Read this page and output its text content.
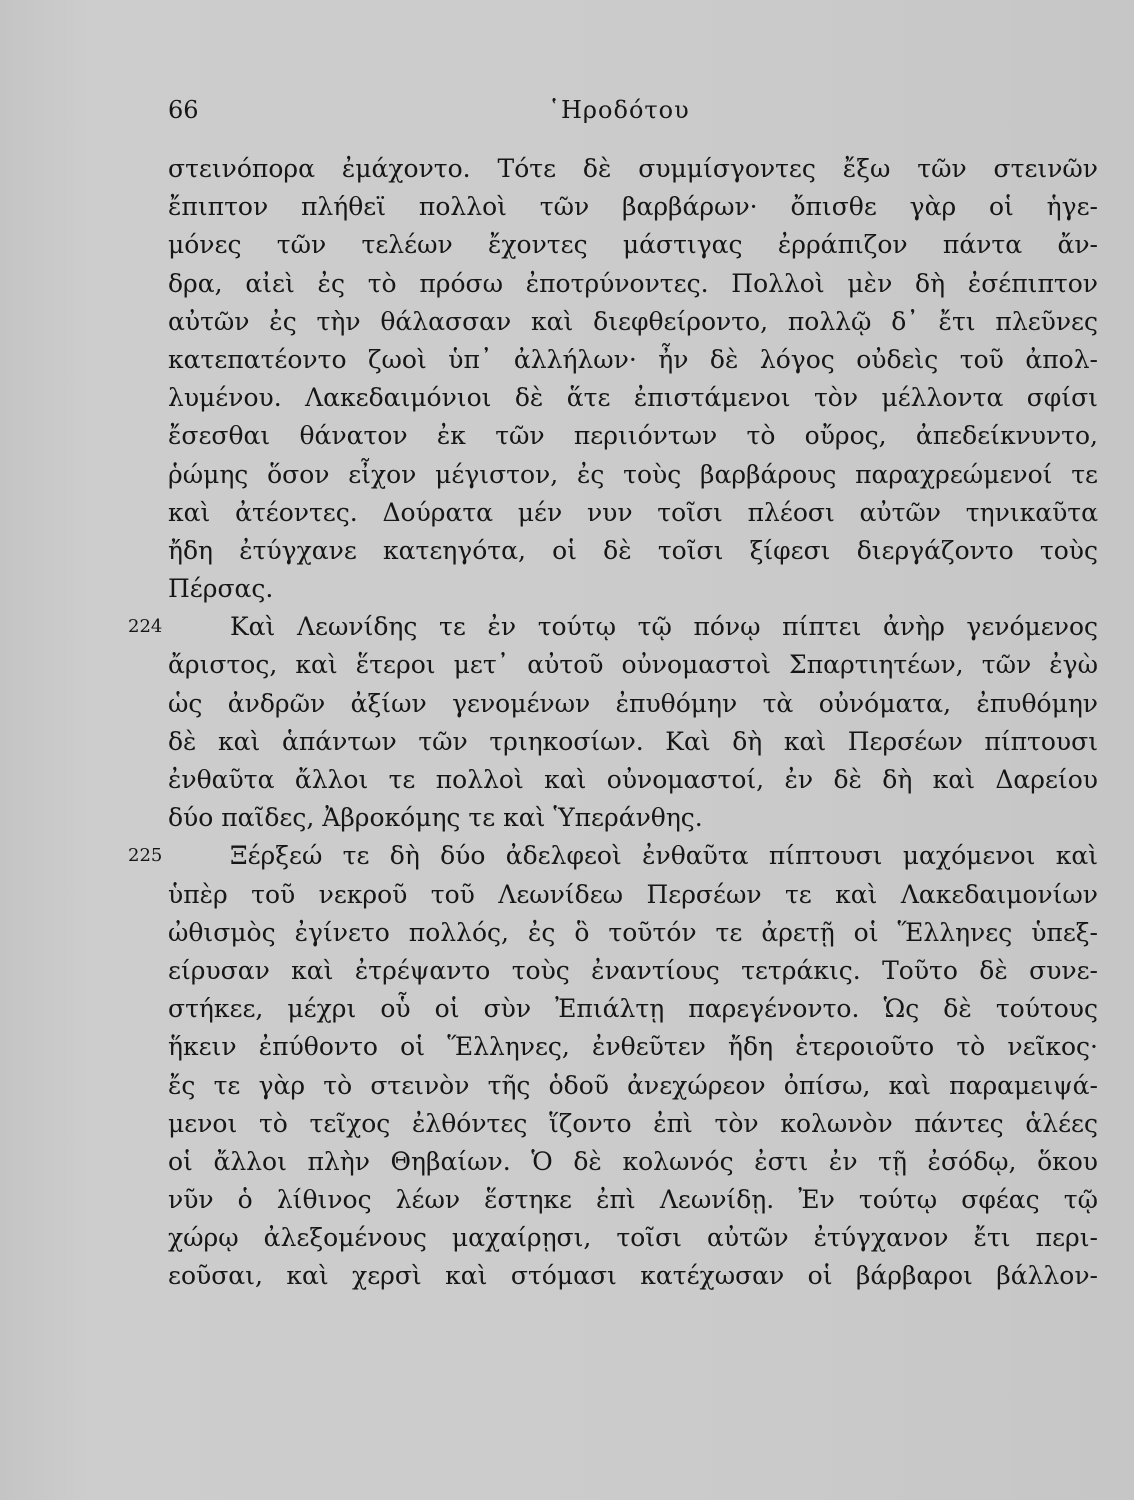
66	῾Ηροδότου
στεινόπορα ἐμάχοντο. Τότε δὲ συμμίσγοντες ἔξω τῶν στεινῶν
ἔπιπτον πλήθεϊ πολλοὶ τῶν βαρβάρων· ὄπισθε γὰρ οἱ ἡγε-
μόνες τῶν τελέων ἔχοντες μάστιγας ἐρράπιζον πάντα ἄν-
δρα, αἰεὶ ἐς τὸ πρόσω ἐποτρύνοντες. Πολλοὶ μὲν δὴ ἐσέπιπτον
αὐτῶν ἐς τὴν θάλασσαν καὶ διεφθείροντο, πολλῷ δ᾽ ἔτι πλεῦνες
κατεπατέοντο ζωοὶ ὑπ᾽ ἀλλήλων· ἦν δὲ λόγος οὐδεὶς τοῦ ἀπολ-
λυμένου. Λακεδαιμόνιοι δὲ ἅτε ἐπιστάμενοι τὸν μέλλοντα σφίσι
ἔσεσθαι θάνατον ἐκ τῶν περιιόντων τὸ οὔρος, ἀπεδείκνυντο,
ῥώμης ὅσον εἶχον μέγιστον, ἐς τοὺς βαρβάρους παραχρεώμενοί τε
καὶ ἀτέοντες. Δούρατα μέν νυν τοῖσι πλέοσι αὐτῶν τηνικαῦτα
ἤδη ἐτύγχανε κατεηγότα, οἱ δὲ τοῖσι ξίφεσι διεργάζοντο τοὺς
Πέρσας.
224	Καὶ Λεωνίδης τε ἐν τούτῳ τῷ πόνῳ πίπτει ἀνὴρ γενόμενος
ἄριστος, καὶ ἕτεροι μετ᾽ αὐτοῦ οὐνομαστοὶ Σπαρτιητέων, τῶν ἐγὼ
ὡς ἀνδρῶν ἀξίων γενομένων ἐπυθόμην τὰ οὐνόματα, ἐπυθόμην
δὲ καὶ ἁπάντων τῶν τριηκοσίων. Καὶ δὴ καὶ Περσέων πίπτουσι
ἐνθαῦτα ἄλλοι τε πολλοὶ καὶ οὐνομαστοί, ἐν δὲ δὴ καὶ Δαρείου
δύο παῖδες, Ἀβροκόμης τε καὶ Ὑπεράνθης.
225	Ξέρξεώ τε δὴ δύο ἀδελφεοὶ ἐνθαῦτα πίπτουσι μαχόμενοι καὶ
ὑπὲρ τοῦ νεκροῦ τοῦ Λεωνίδεω Περσέων τε καὶ Λακεδαιμονίων
ὠθισμὸς ἐγίνετο πολλός, ἐς ὃ τοῦτόν τε ἀρετῇ οἱ Ἕλληνες ὑπεξ-
είρυσαν καὶ ἐτρέψαντο τοὺς ἐναντίους τετράκις. Τοῦτο δὲ συνε-
στήκεε, μέχρι οὗ οἱ σὺν Ἐπιάλτῃ παρεγένοντο. Ὡς δὲ τούτους
ἥκειν ἐπύθοντο οἱ Ἕλληνες, ἐνθεῦτεν ἤδη ἑτεροιοῦτο τὸ νεῖκος·
ἔς τε γὰρ τὸ στεινὸν τῆς ὁδοῦ ἀνεχώρεον ὀπίσω, καὶ παραμειψά-
μενοι τὸ τεῖχος ἐλθόντες ἵζοντο ἐπὶ τὸν κολωνὸν πάντες ἁλέες
οἱ ἄλλοι πλὴν Θηβαίων. Ὁ δὲ κολωνός ἐστι ἐν τῇ ἐσόδῳ, ὅκου
νῦν ὁ λίθινος λέων ἕστηκε ἐπὶ Λεωνίδῃ. Ἐν τούτῳ σφέας τῷ
χώρῳ ἀλεξομένους μαχαίρῃσι, τοῖσι αὐτῶν ἐτύγχανον ἔτι περι-
εοῦσαι, καὶ χερσὶ καὶ στόμασι κατέχωσαν οἱ βάρβαροι βάλλον-
